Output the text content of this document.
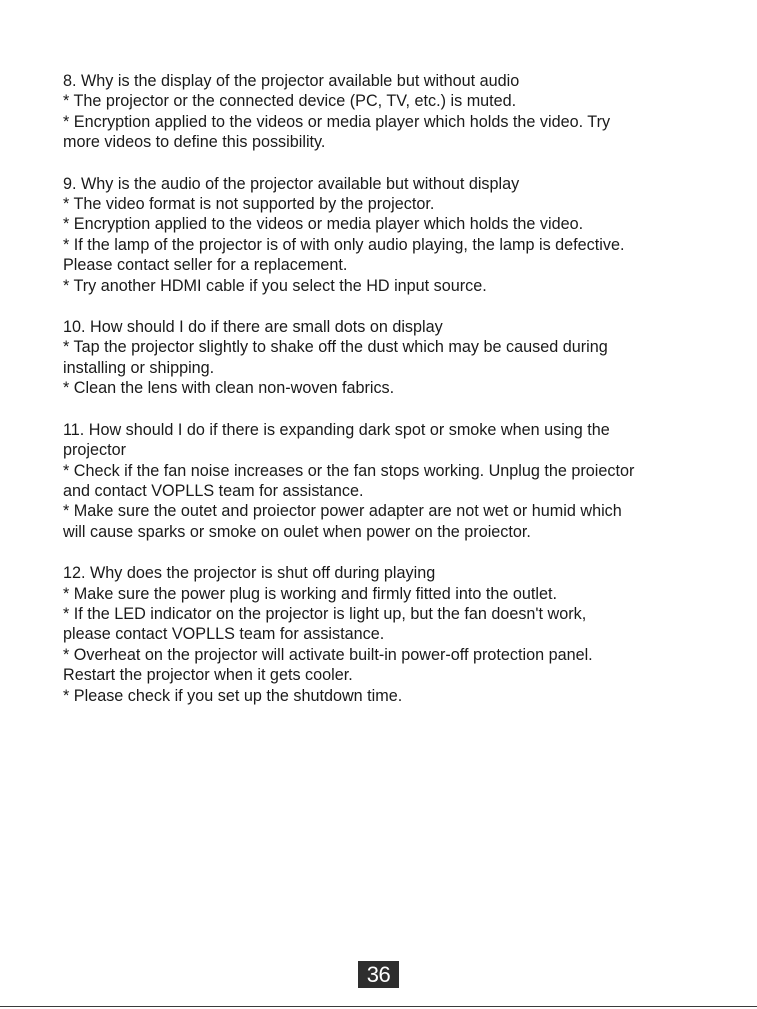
8. Why is the display of the projector available but without audio
* The projector or the connected device (PC, TV, etc.) is muted.
* Encryption applied to the videos or media player which holds the video. Try
more videos to define this possibility.
9. Why is the audio of the projector available but without display
* The video format is not supported by the projector.
* Encryption applied to the videos or media player which holds the video.
* If the lamp of the projector is of with only audio playing, the lamp is defective.
Please contact seller for a replacement.
* Try another HDMI cable if you select the HD input source.
10. How should I do if there are small dots on display
* Tap the projector slightly to shake off the dust which may be caused during
installing or shipping.
* Clean the lens with clean non-woven fabrics.
11. How should I do if there is expanding dark spot or smoke when using the
projector
* Check if the fan noise increases or the fan stops working. Unplug the proiector
and contact VOPLLS team for assistance.
* Make sure the outet and proiector power adapter are not wet or humid which
will cause sparks or smoke on oulet when power on the proiector.
12. Why does the projector is shut off during playing
* Make sure the power plug is working and firmly fitted into the outlet.
* If the LED indicator on the projector is light up, but the fan doesn't work,
please contact VOPLLS team for assistance.
* Overheat on the projector will activate built-in power-off protection panel.
Restart the projector when it gets cooler.
* Please check if you set up the shutdown time.
36
